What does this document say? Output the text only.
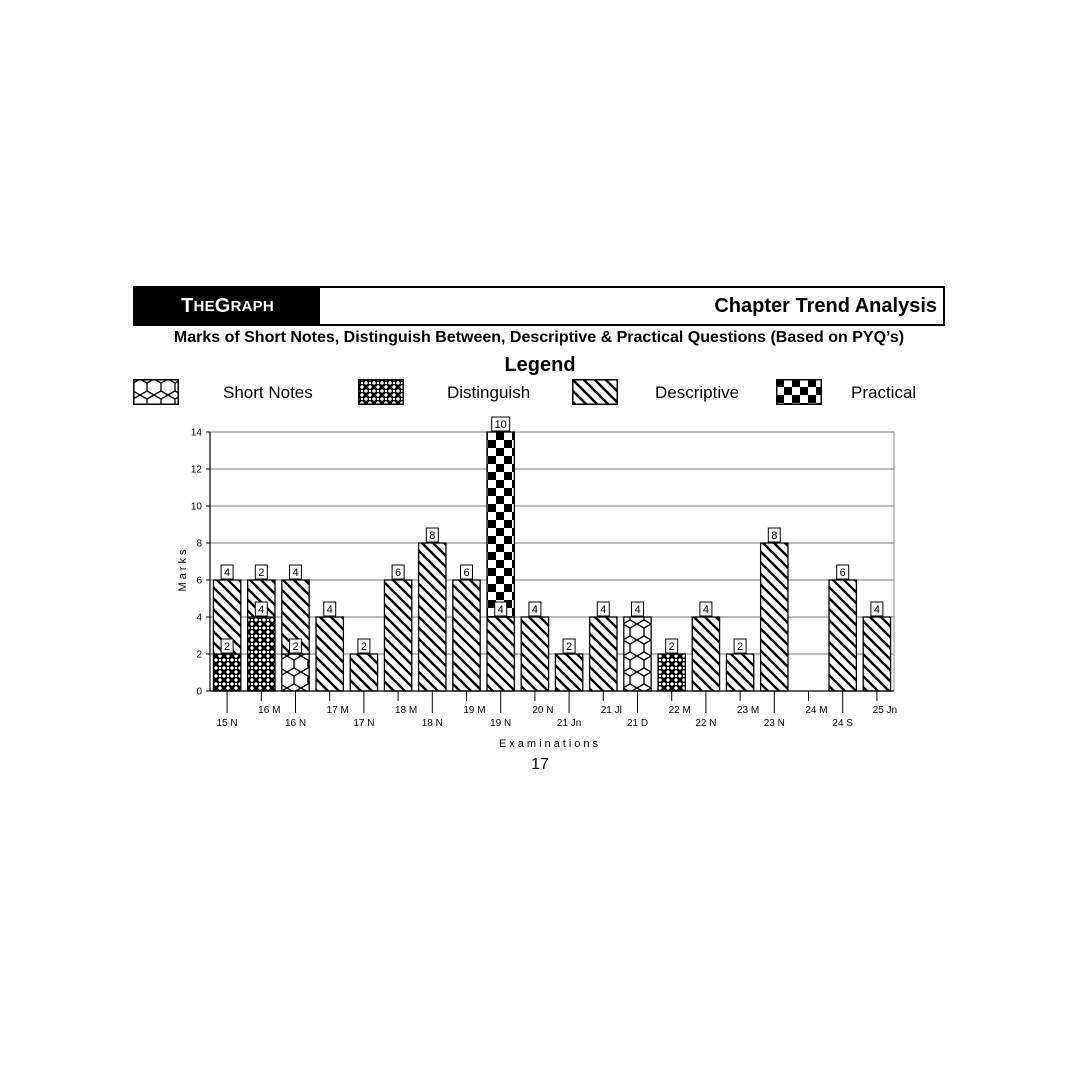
T HE G RAPH	Chapter Trend Analysis
Marks of Short Notes, Distinguish Between, Descriptive & Practical Questions (Based on PYQ’s)
Legend
Short Notes	Distinguish	Descriptive	Practical
0
2
4
6
8
10
12
14
15 N
16 M
16 N
17 M
17 N
18 M
18 N
19 M
19 N
20 N
21 Jn
21 Jl
21 D
22 M
22 N
23 M
23 N
24 M
24 S
25 Jn
2
4
4
2
2
4
4
2
6
8
6
4
10
4
2
4	4
2
4
2
8
6
4
Marks
Examinations
17
